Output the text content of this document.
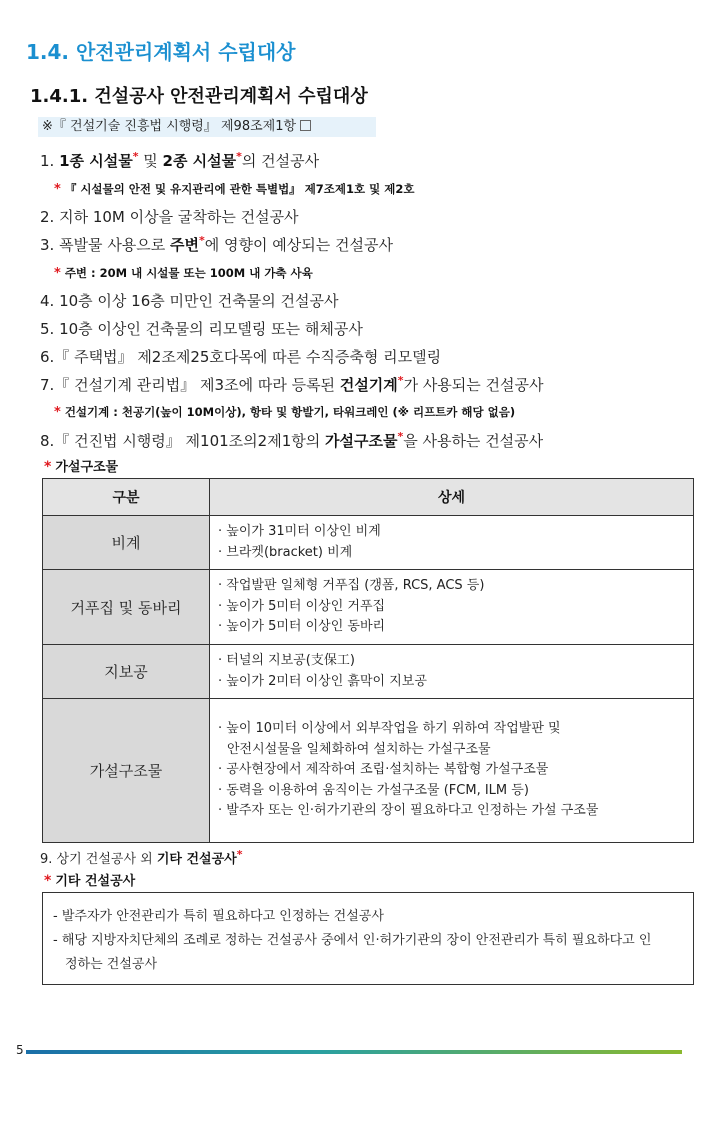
1.4. 안전관리계획서 수립대상
1.4.1. 건설공사 안전관리계획서 수립대상
※『 건설기술 진흥법 시행령』 제98조제1항
1. 1종 시설물* 및 2종 시설물*의 건설공사
* 『 시설물의 안전 및 유지관리에 관한 특별법』 제7조제1호 및 제2호
2. 지하 10M 이상을 굴착하는 건설공사
3. 폭발물 사용으로 주변*에 영향이 예상되는 건설공사
* 주변 : 20M 내 시설물 또는 100M 내 가축 사육
4. 10층 이상 16층 미만인 건축물의 건설공사
5. 10층 이상인 건축물의 리모델링 또는 해체공사
6.『 주택법』 제2조제25호다목에 따른 수직증축형 리모델링
7.『 건설기계 관리법』 제3조에 따라 등록된 건설기계*가 사용되는 건설공사
* 건설기계 : 천공기(높이 10M이상), 항타 및 항발기, 타워크레인 (※ 리프트카 해당 없음)
8.『 건진법 시행령』 제101조의2제1항의 가설구조물*을 사용하는 건설공사
* 가설구조물
구분	상세
비계	· 높이가 31미터 이상인 비계
· 브라켓(bracket) 비계

거푸집 및 동바리	· 작업발판 일체형 거푸집 (갱폼, RCS, ACS 등)
· 높이가 5미터 이상인 거푸집
· 높이가 5미터 이상인 동바리

지보공	· 터널의 지보공(支保工)
· 높이가 2미터 이상인 흙막이 지보공

가설구조물	· 높이 10미터 이상에서 외부작업을 하기 위하여 작업발판 및
안전시설물을 일체화하여 설치하는 가설구조물
· 공사현장에서 제작하여 조립·설치하는 복합형 가설구조물
· 동력을 이용하여 움직이는 가설구조물 (FCM, ILM 등)
· 발주자 또는 인·허가기관의 장이 필요하다고 인정하는 가설 구조물
9. 상기 건설공사 외 기타 건설공사*
* 기타 건설공사
- 발주자가 안전관리가 특히 필요하다고 인정하는 건설공사
- 해당 지방자치단체의 조례로 정하는 건설공사 중에서 인·허가기관의 장이 안전관리가 특히 필요하다고 인
정하는 건설공사
5
